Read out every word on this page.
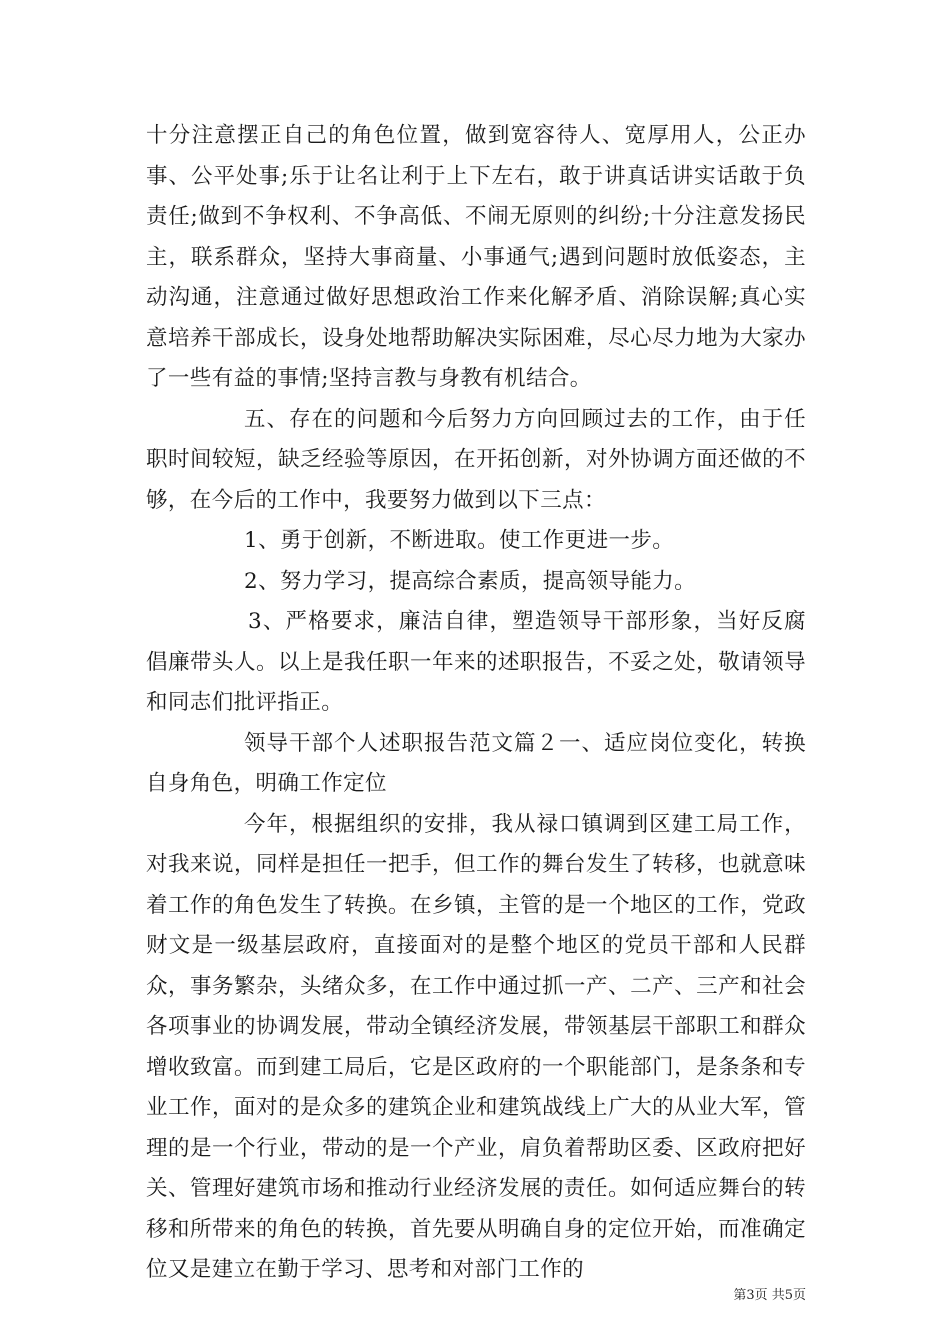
十分注意摆正自己的角色位置，做到宽容待人、宽厚用人，公正办事、公平处事;乐于让名让利于上下左右，敢于讲真话讲实话敢于负责任;做到不争权利、不争高低、不闹无原则的纠纷;十分注意发扬民主，联系群众，坚持大事商量、小事通气;遇到问题时放低姿态，主动沟通，注意通过做好思想政治工作来化解矛盾、消除误解;真心实意培养干部成长，设身处地帮助解决实际困难，尽心尽力地为大家办了一些有益的事情;坚持言教与身教有机结合。

五、存在的问题和今后努力方向回顾过去的工作，由于任职时间较短，缺乏经验等原因，在开拓创新，对外协调方面还做的不够，在今后的工作中，我要努力做到以下三点：

1、勇于创新，不断进取。使工作更进一步。

2、努力学习，提高综合素质，提高领导能力。

3、严格要求，廉洁自律，塑造领导干部形象，当好反腐倡廉带头人。以上是我任职一年来的述职报告，不妥之处，敬请领导和同志们批评指正。

领导干部个人述职报告范文篇２一、适应岗位变化，转换自身角色，明确工作定位

今年，根据组织的安排，我从禄口镇调到区建工局工作，对我来说，同样是担任一把手，但工作的舞台发生了转移，也就意味着工作的角色发生了转换。在乡镇，主管的是一个地区的工作，党政财文是一级基层政府，直接面对的是整个地区的党员干部和人民群众，事务繁杂，头绪众多，在工作中通过抓一产、二产、三产和社会各项事业的协调发展，带动全镇经济发展，带领基层干部职工和群众增收致富。而到建工局后，它是区政府的一个职能部门，是条条和专业工作，面对的是众多的建筑企业和建筑战线上广大的从业大军，管理的是一个行业，带动的是一个产业，肩负着帮助区委、区政府把好关、管理好建筑市场和推动行业经济发展的责任。如何适应舞台的转移和所带来的角色的转换，首先要从明确自身的定位开始，而准确定位又是建立在勤于学习、思考和对部门工作的

第3页 共5页
